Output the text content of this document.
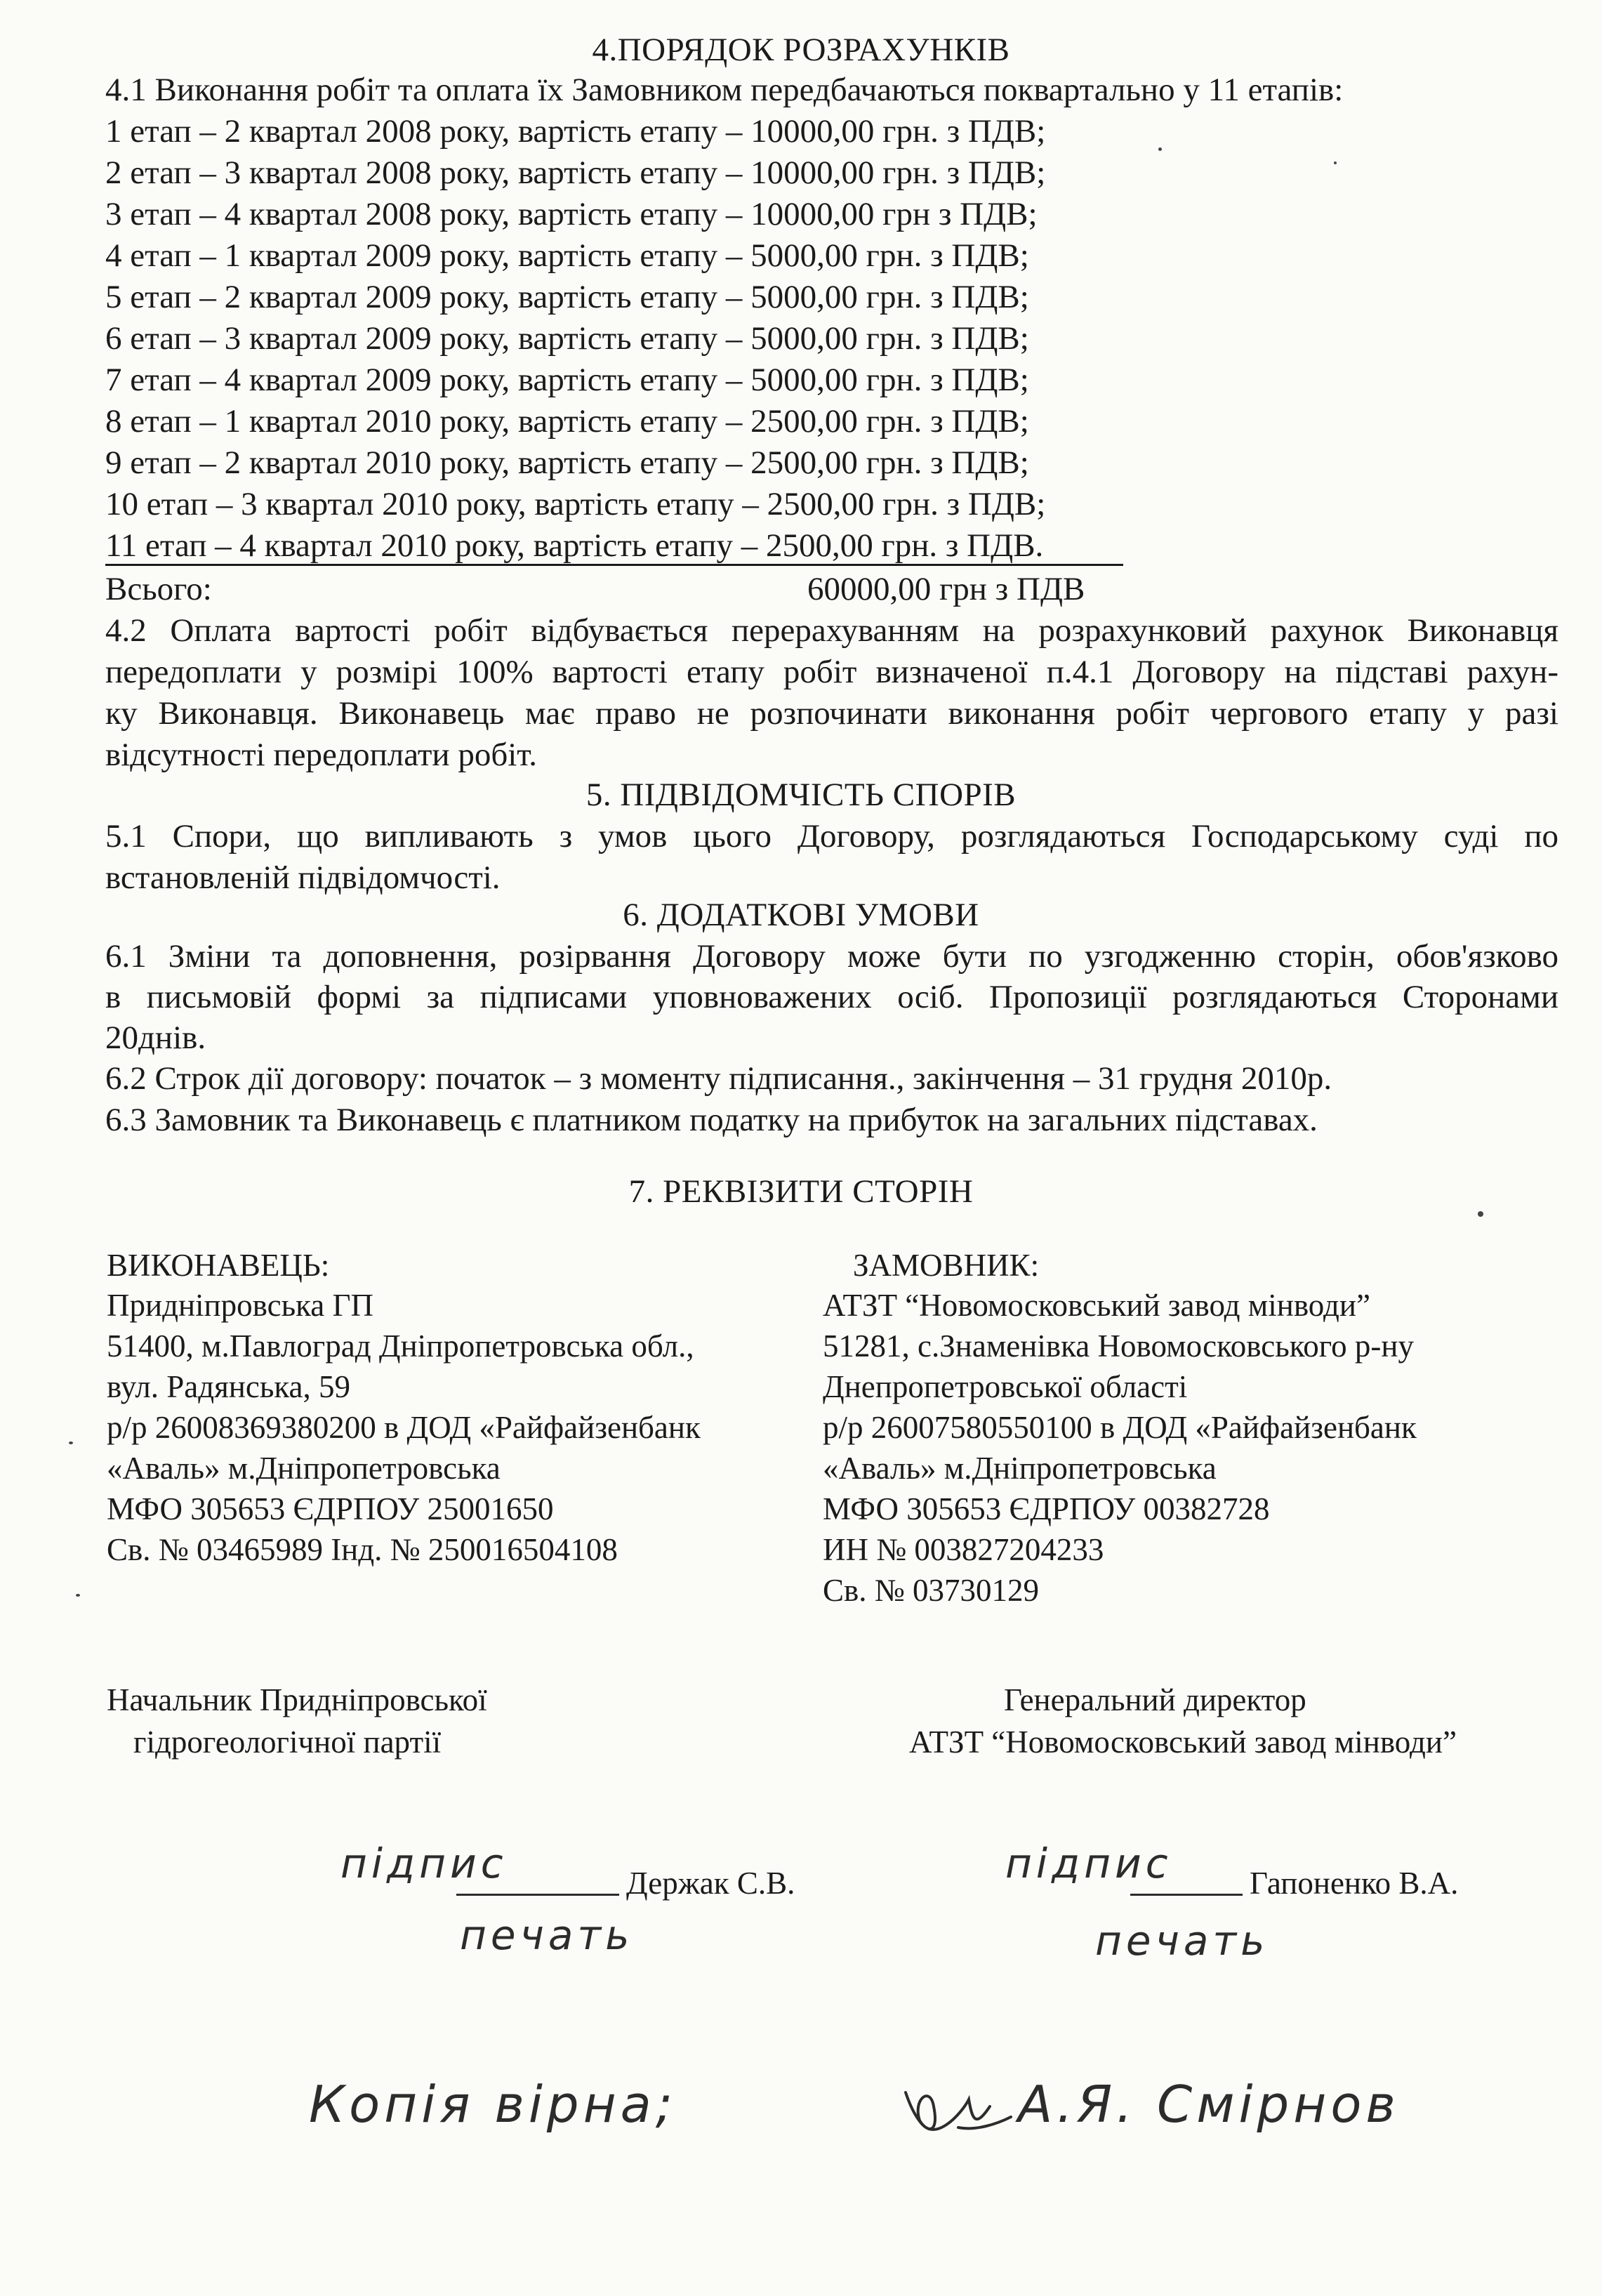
4.ПОРЯДОК РОЗРАХУНКІВ
4.1 Виконання робіт та оплата їх Замовником передбачаються поквартально у 11 етапів:
1 етап – 2 квартал 2008 року, вартість етапу – 10000,00 грн. з ПДВ;
2 етап – 3 квартал 2008 року, вартість етапу – 10000,00 грн. з ПДВ;
3 етап – 4 квартал 2008 року, вартість етапу – 10000,00 грн з ПДВ;
4 етап – 1 квартал 2009 року, вартість етапу – 5000,00 грн. з ПДВ;
5 етап – 2 квартал 2009 року, вартість етапу – 5000,00 грн. з ПДВ;
6 етап – 3 квартал 2009 року, вартість етапу – 5000,00 грн. з ПДВ;
7 етап – 4 квартал 2009 року, вартість етапу – 5000,00 грн. з ПДВ;
8 етап – 1 квартал 2010 року, вартість етапу – 2500,00 грн. з ПДВ;
9 етап – 2 квартал 2010 року, вартість етапу – 2500,00 грн. з ПДВ;
10 етап – 3 квартал 2010 року, вартість етапу – 2500,00 грн. з ПДВ;
11 етап – 4 квартал 2010 року, вартість етапу – 2500,00 грн. з ПДВ.
Всього:	60000,00 грн з ПДВ
4.2 Оплата вартості робіт відбувається перерахуванням на розрахунковий рахунок Виконавця
передоплати у розмірі 100% вартості етапу робіт визначеної п.4.1 Договору на підставі рахун-
ку Виконавця. Виконавець має право не розпочинати виконання робіт чергового етапу у разі
відсутності передоплати робіт.
5. ПІДВІДОМЧІСТЬ СПОРІВ
5.1 Спори, що випливають з умов цього Договору, розглядаються Господарському суді по
встановленій підвідомчості.
6. ДОДАТКОВІ УМОВИ
6.1 Зміни та доповнення, розірвання Договору може бути по узгодженню сторін, обов'язково
в письмовій формі за підписами уповноважених осіб. Пропозиції розглядаються Сторонами
20днів.
6.2 Строк дії договору: початок – з моменту підписання., закінчення – 31 грудня 2010р.
6.3 Замовник та Виконавець є платником податку на прибуток на загальних підставах.
7. РЕКВІЗИТИ СТОРІН
ВИКОНАВЕЦЬ:
Придніпровська ГП
51400, м.Павлоград Дніпропетровська обл.,
вул. Радянська, 59
р/р 26008369380200 в ДОД «Райфайзенбанк
«Аваль» м.Дніпропетровська
МФО 305653 ЄДРПОУ 25001650
Св. № 03465989 Інд. № 250016504108
ЗАМОВНИК:
АТЗТ “Новомосковський завод мінводи”
51281, с.Знаменівка Новомосковського р-ну
Днепропетровської області
р/р 26007580550100 в ДОД «Райфайзенбанк
«Аваль» м.Дніпропетровська
МФО 305653 ЄДРПОУ 00382728
ИН № 003827204233
Св. № 03730129
Начальник Придніпровської
гідрогеологічної партії
Генеральний директор
АТЗТ “Новомосковський завод мінводи”
підпис	Держак С.В.
печать
підпис Гапоненко В.А.
печать
Копія вірна;	А.Я. Смірнов
